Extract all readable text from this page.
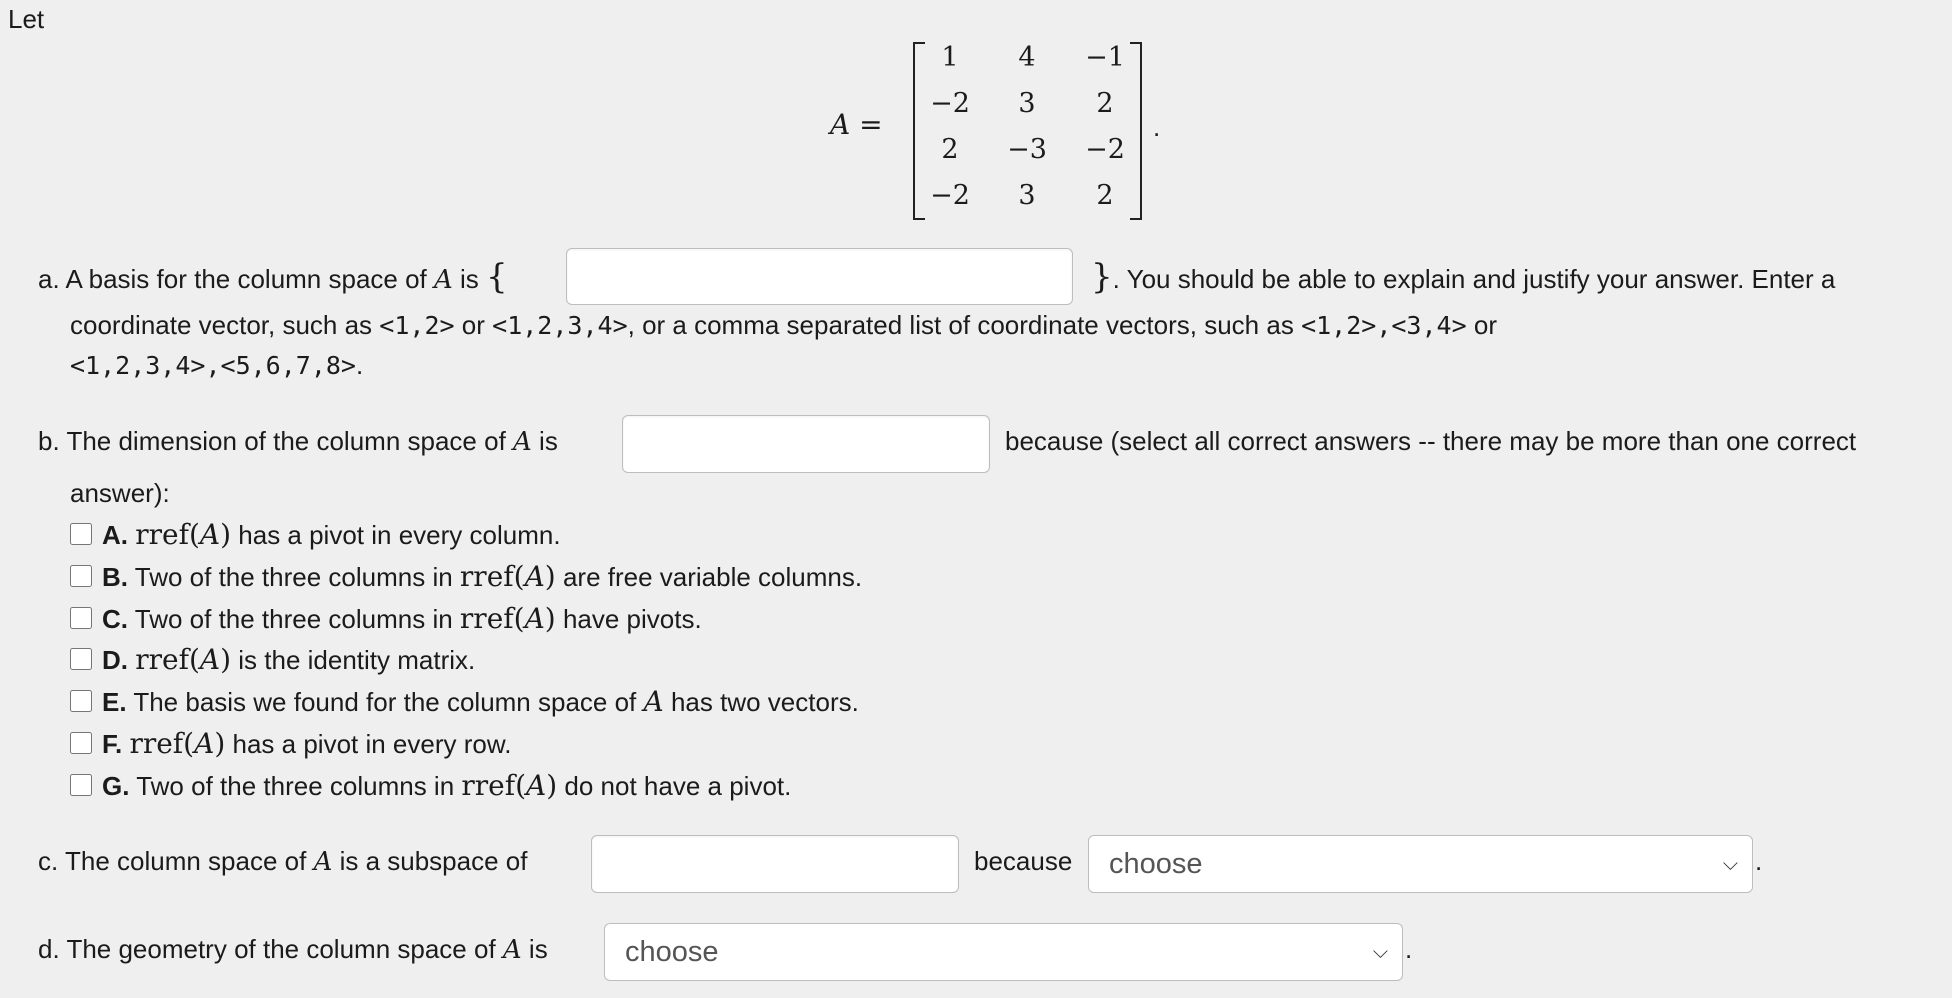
Let
A =
1	4	−1
−2	3	2
2	−3	−2
−2	3	2
.
a. A basis for the column space of A is {	}. You should be able to explain and justify your answer. Enter a
coordinate vector, such as <1,2> or <1,2,3,4>, or a comma separated list of coordinate vectors, such as <1,2>,<3,4> or
<1,2,3,4>,<5,6,7,8>.
b. The dimension of the column space of A is	because (select all correct answers -- there may be more than one correct
answer):
A. rref(A) has a pivot in every column.
B. Two of the three columns in rref(A) are free variable columns.
C. Two of the three columns in rref(A) have pivots.
D. rref(A) is the identity matrix.
E. The basis we found for the column space of A has two vectors.
F. rref(A) has a pivot in every row.
G. Two of the three columns in rref(A) do not have a pivot.
c. The column space of A is a subspace of	because	choose	⌵ .
d. The geometry of the column space of A is	choose	⌵ .
